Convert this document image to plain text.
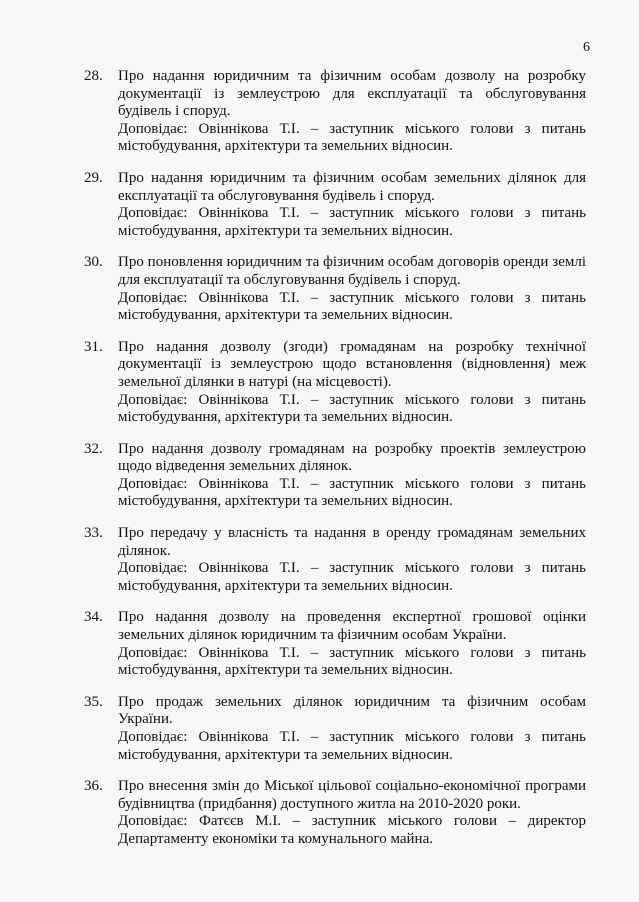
6
28. Про надання юридичним та фізичним особам дозволу на розробку документації із землеустрою для експлуатації та обслуговування будівель і споруд.

Доповідає: Овіннікова Т.І. – заступник міського голови з питань містобудування, архітектури та земельних відносин.

29. Про надання юридичним та фізичним особам земельних ділянок для експлуатації та обслуговування будівель і споруд.

Доповідає: Овіннікова Т.І. – заступник міського голови з питань містобудування, архітектури та земельних відносин.

30. Про поновлення юридичним та фізичним особам договорів оренди землі для експлуатації та обслуговування будівель і споруд.

Доповідає: Овіннікова Т.І. – заступник міського голови з питань містобудування, архітектури та земельних відносин.

31. Про надання дозволу (згоди) громадянам на розробку технічної документації із землеустрою щодо встановлення (відновлення) меж земельної ділянки в натурі (на місцевості).

Доповідає: Овіннікова Т.І. – заступник міського голови з питань містобудування, архітектури та земельних відносин.

32. Про надання дозволу громадянам на розробку проектів землеустрою щодо відведення земельних ділянок.

Доповідає: Овіннікова Т.І. – заступник міського голови з питань містобудування, архітектури та земельних відносин.

33. Про передачу у власність та надання в оренду громадянам земельних ділянок.

Доповідає: Овіннікова Т.І. – заступник міського голови з питань містобудування, архітектури та земельних відносин.

34. Про надання дозволу на проведення експертної грошової оцінки земельних ділянок юридичним та фізичним особам України.

Доповідає: Овіннікова Т.І. – заступник міського голови з питань містобудування, архітектури та земельних відносин.

35. Про продаж земельних ділянок юридичним та фізичним особам України.

Доповідає: Овіннікова Т.І. – заступник міського голови з питань містобудування, архітектури та земельних відносин.

36. Про внесення змін до Міської цільової соціально-економічної програми будівництва (придбання) доступного житла на 2010-2020 роки.

Доповідає: Фатєєв М.І. – заступник міського голови – директор Департаменту економіки та комунального майна.
